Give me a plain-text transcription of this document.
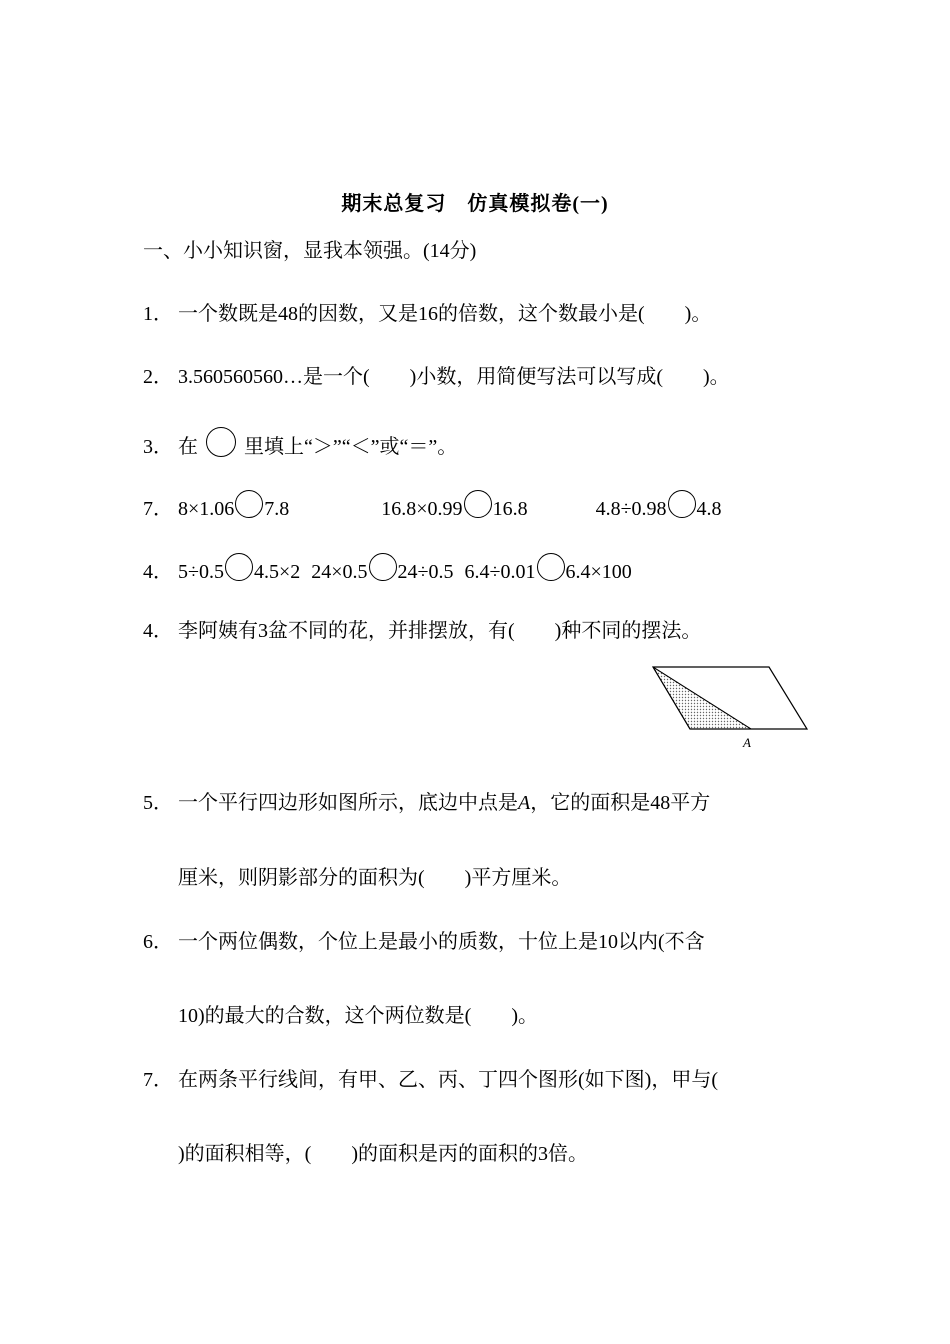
期末总复习　仿真模拟卷(一)
一、小小知识窗，显我本领强。(14分)
1． 一个数既是48的因数，又是16的倍数，这个数最小是(　　)。
2． 3.560560560…是一个(　　)小数，用简便写法可以写成(　　)。
3． 在 里填上“＞”“＜”或“＝”。
7． 8×1.06 7.8	16.8×0.99 16.8	4.8÷0.98 4.8
4． 5÷0.5 4.5×2 24×0.5 24÷0.5 6.4÷0.01 6.4×100
4． 李阿姨有3盆不同的花，并排摆放，有(　　)种不同的摆法。
A
5． 一个平行四边形如图所示，底边中点是A，它的面积是48平方
厘米，则阴影部分的面积为(　　)平方厘米。
6． 一个两位偶数，个位上是最小的质数，十位上是10以内(不含
10)的最大的合数，这个两位数是(　　)。
7． 在两条平行线间，有甲、乙、丙、丁四个图形(如下图)，甲与(
)的面积相等，(　　)的面积是丙的面积的3倍。
